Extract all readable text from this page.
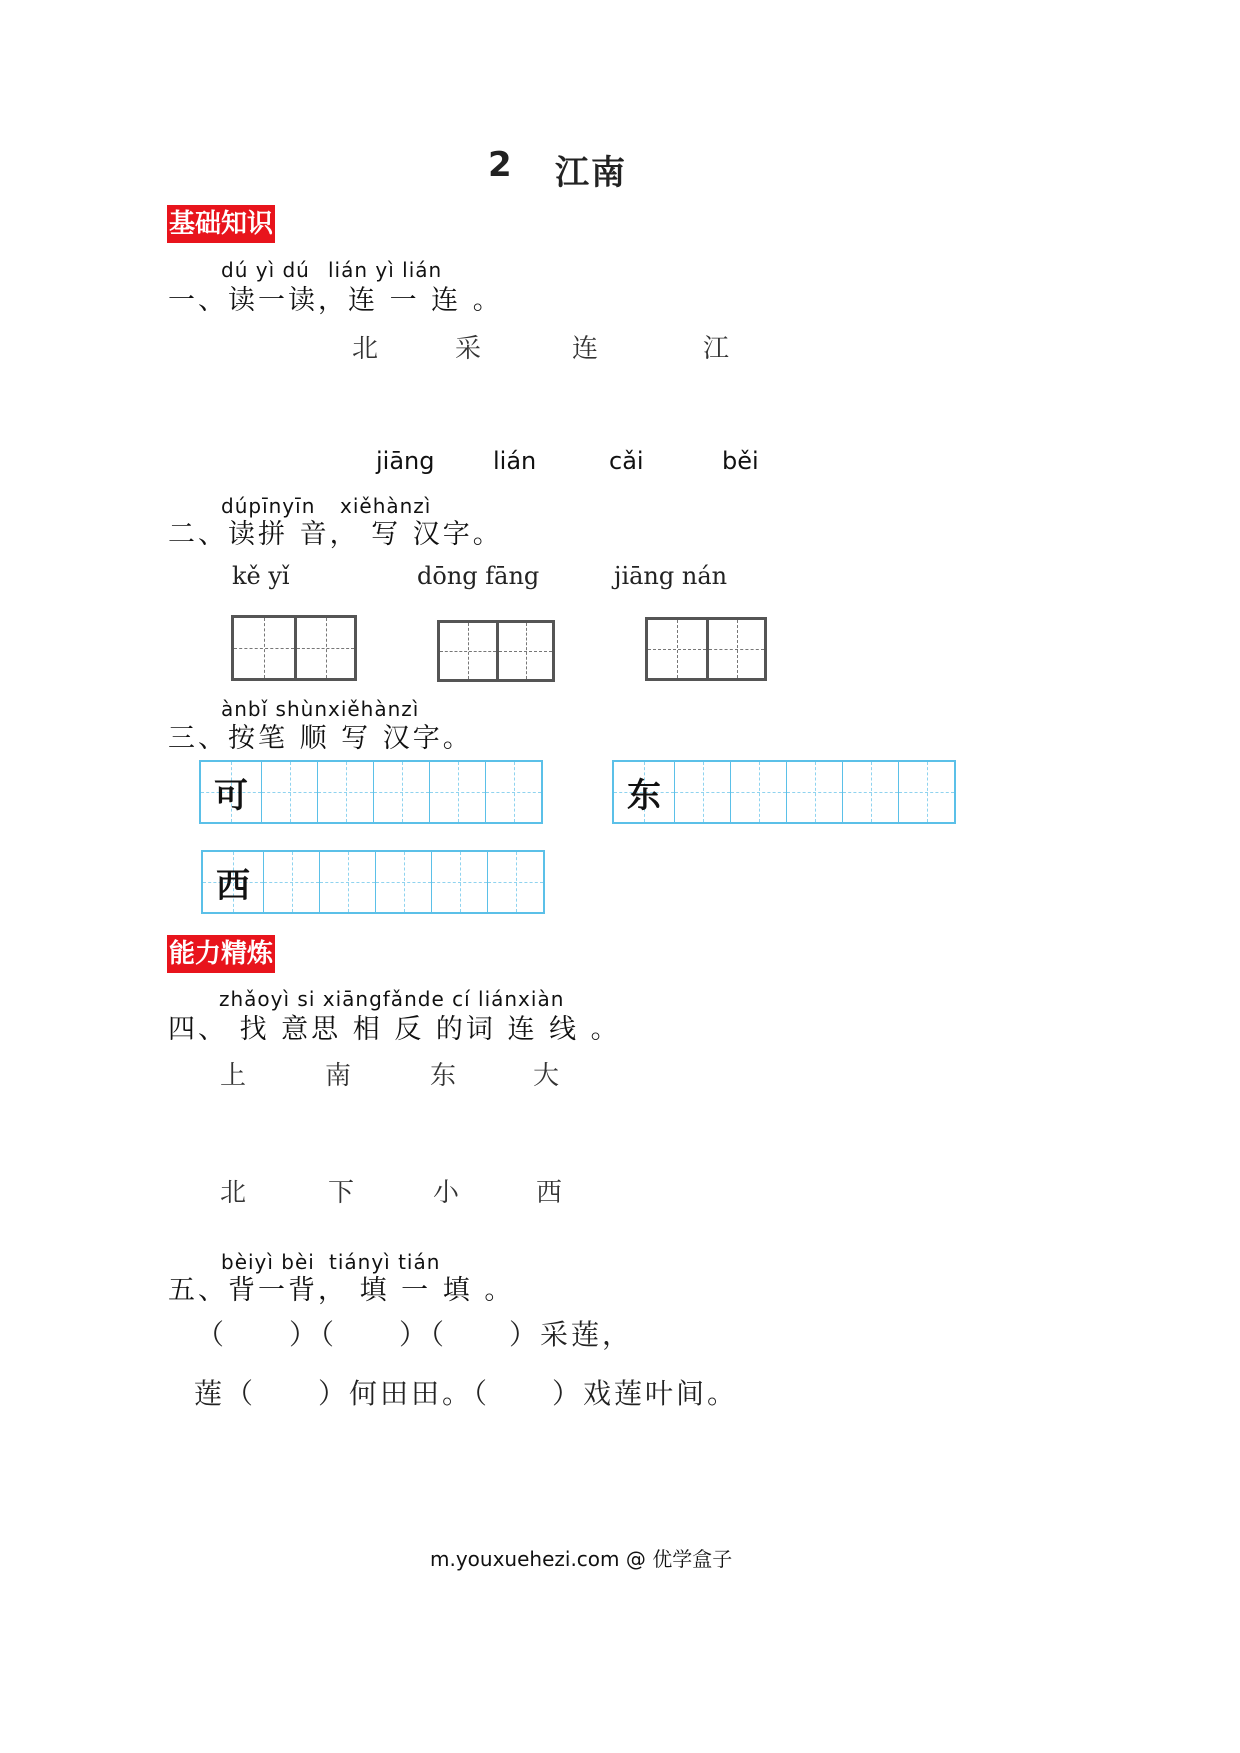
2 江南
基础知识
dú yì dú lián yì lián
一、读一读，连 一 连 。
北	采	连	江
jiāng lián	cǎi	běi
dúpīnyīn xiěhànzì
二、读拼 音， 写 汉字。
kě yǐ	dōng fāng	jiāng nán
ànbǐ shùnxiěhànzì
三、按笔 顺 写 汉字。
可	东
西
能力精炼
zhǎoyì si xiāngfǎnde cí liánxiàn
四、 找 意思 相 反 的词 连 线 。
上	南	东	大
北	下	小	西
bèiyì bèi tiányì tián
五、背一背， 填 一 填 。
（　　）（　　）（　　）采莲，
莲（　　）何田田。（　　）戏莲叶间。
m.youxuehezi.com @ 优学盒子
